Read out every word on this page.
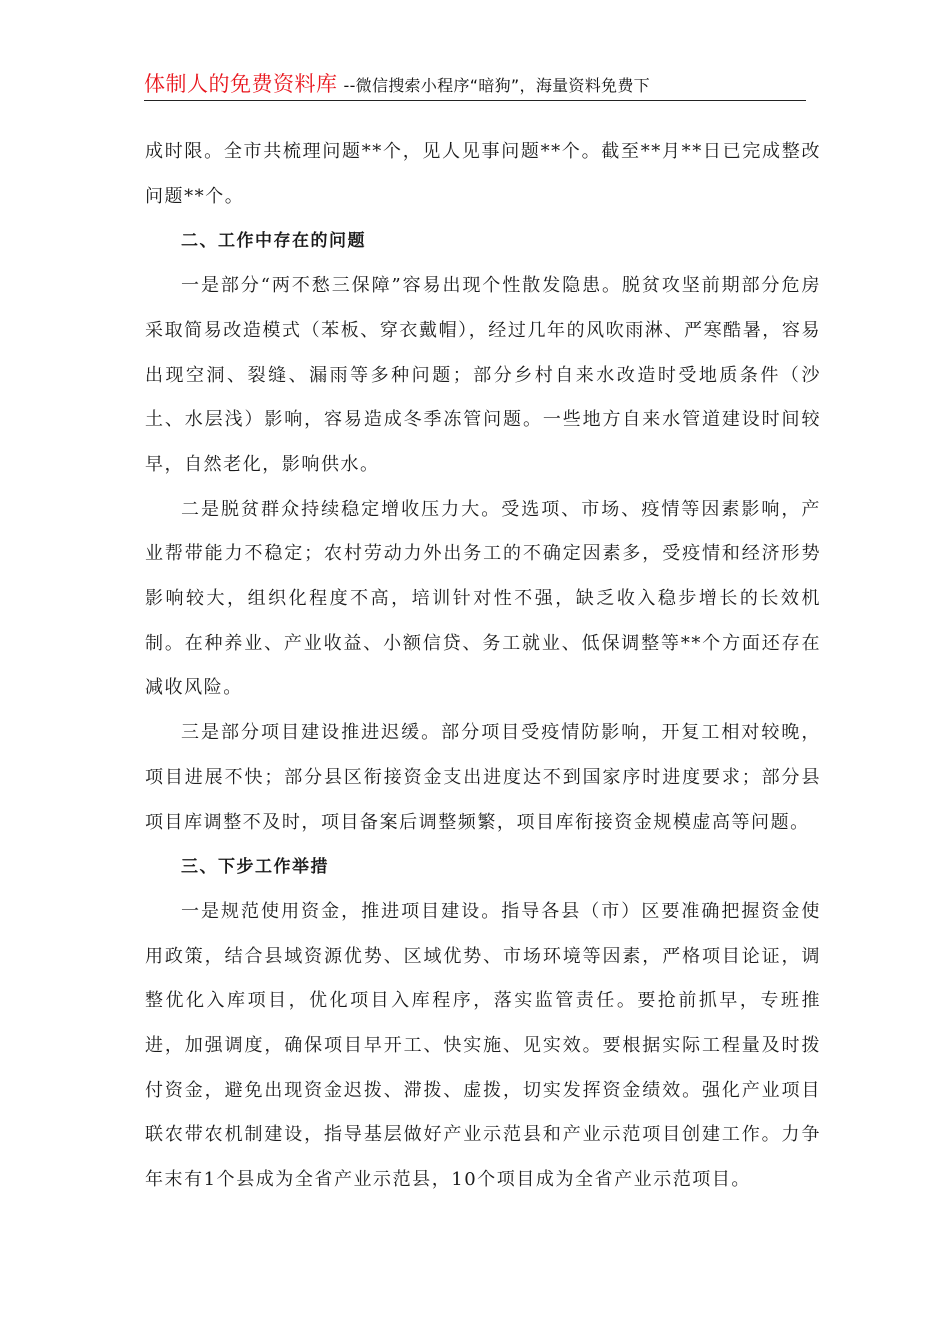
体制人的免费资料库 --微信搜索小程序“暗狗”，海量资料免费下

成时限。全市共梳理问题**个，见人见事问题**个。截至**月**日已完成整改问题**个。

二、工作中存在的问题

一是部分“两不愁三保障”容易出现个性散发隐患。脱贫攻坚前期部分危房采取简易改造模式（苯板、穿衣戴帽），经过几年的风吹雨淋、严寒酷暑，容易出现空洞、裂缝、漏雨等多种问题；部分乡村自来水改造时受地质条件（沙土、水层浅）影响，容易造成冬季冻管问题。一些地方自来水管道建设时间较早，自然老化，影响供水。

二是脱贫群众持续稳定增收压力大。受选项、市场、疫情等因素影响，产业帮带能力不稳定；农村劳动力外出务工的不确定因素多，受疫情和经济形势影响较大，组织化程度不高，培训针对性不强，缺乏收入稳步增长的长效机制。在种养业、产业收益、小额信贷、务工就业、低保调整等**个方面还存在减收风险。

三是部分项目建设推进迟缓。部分项目受疫情防影响，开复工相对较晚，项目进展不快；部分县区衔接资金支出进度达不到国家序时进度要求；部分县项目库调整不及时，项目备案后调整频繁，项目库衔接资金规模虚高等问题。

三、下步工作举措

一是规范使用资金，推进项目建设。指导各县（市）区要准确把握资金使用政策，结合县域资源优势、区域优势、市场环境等因素，严格项目论证，调整优化入库项目，优化项目入库程序，落实监管责任。要抢前抓早，专班推进，加强调度，确保项目早开工、快实施、见实效。要根据实际工程量及时拨付资金，避免出现资金迟拨、滞拨、虚拨，切实发挥资金绩效。强化产业项目联农带农机制建设，指导基层做好产业示范县和产业示范项目创建工作。力争年末有1个县成为全省产业示范县，10个项目成为全省产业示范项目。
